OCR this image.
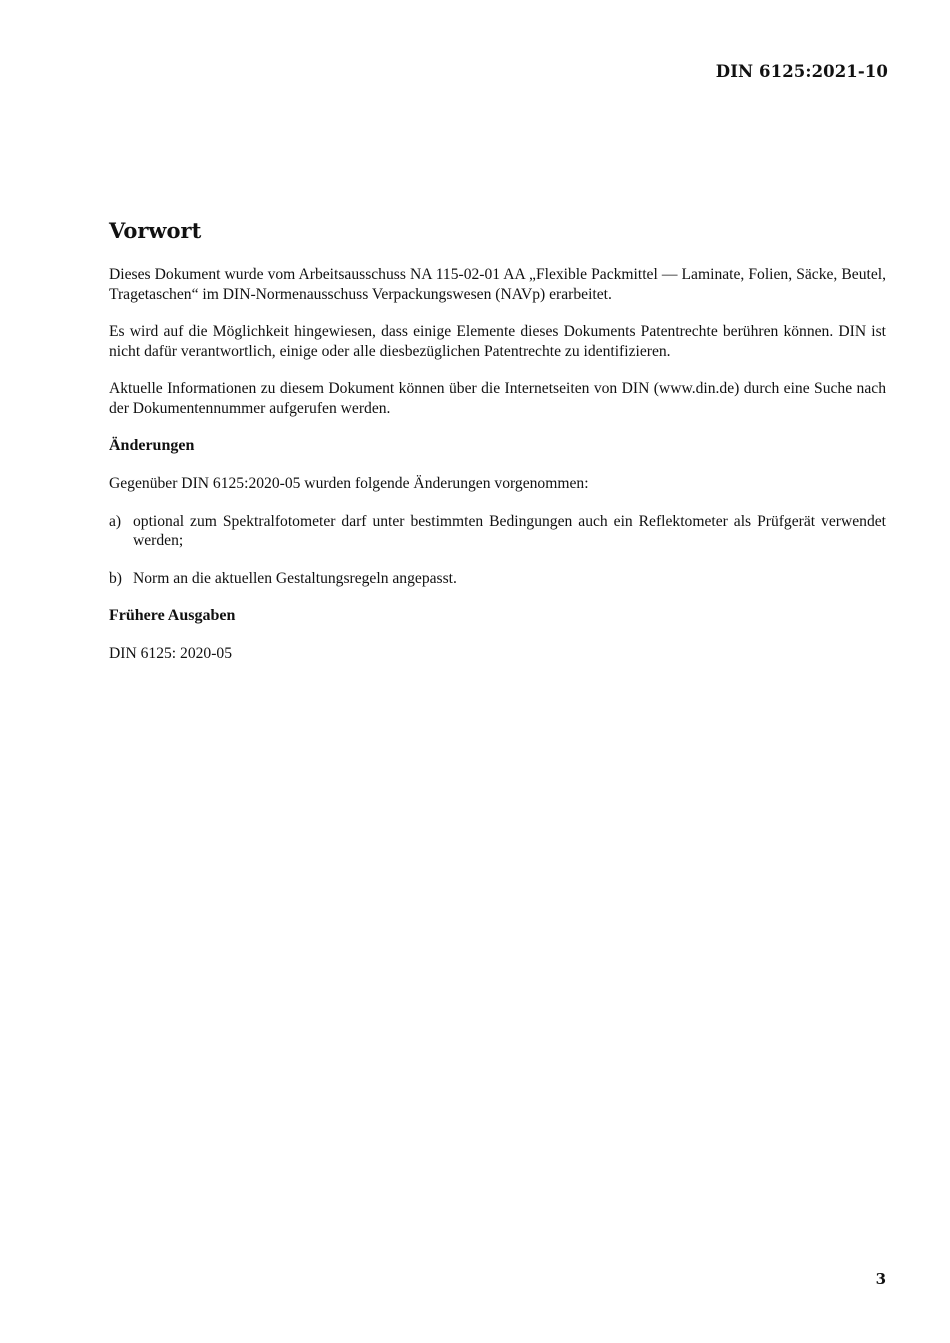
DIN 6125:2021-10
Vorwort

Dieses Dokument wurde vom Arbeitsausschuss NA 115-02-01 AA „Flexible Packmittel — Laminate, Folien, Säcke, Beutel, Tragetaschen“ im DIN-Normenausschuss Verpackungswesen (NAVp) erarbeitet.

Es wird auf die Möglichkeit hingewiesen, dass einige Elemente dieses Dokuments Patentrechte berühren können. DIN ist nicht dafür verantwortlich, einige oder alle diesbezüglichen Patentrechte zu identifizieren.

Aktuelle Informationen zu diesem Dokument können über die Internetseiten von DIN (www.din.de) durch eine Suche nach der Dokumentennummer aufgerufen werden.

Änderungen

Gegenüber DIN 6125:2020-05 wurden folgende Änderungen vorgenommen:

a) optional zum Spektralfotometer darf unter bestimmten Bedingungen auch ein Reflektometer als Prüfgerät verwendet werden;
b) Norm an die aktuellen Gestaltungsregeln angepasst.
Frühere Ausgaben

DIN 6125: 2020-05

3
